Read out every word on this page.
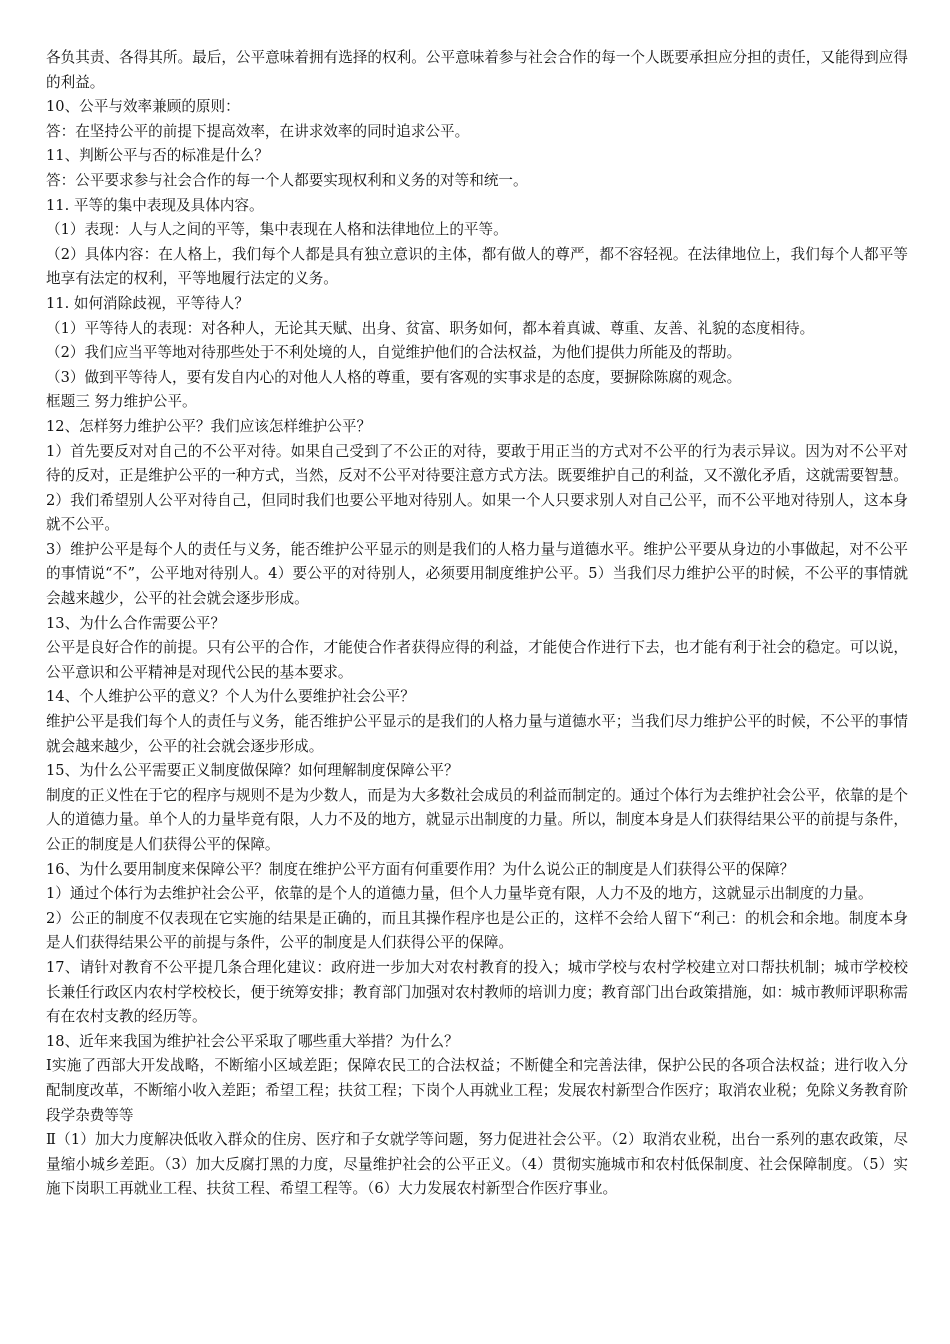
各负其责、各得其所。最后，公平意味着拥有选择的权利。公平意味着参与社会合作的每一个人既要承担应分担的责任，又能得到应得的利益。

10、公平与效率兼顾的原则：

答：在坚持公平的前提下提高效率，在讲求效率的同时追求公平。

11、判断公平与否的标准是什么？

答：公平要求参与社会合作的每一个人都要实现权利和义务的对等和统一。

11. 平等的集中表现及具体内容。

（1）表现：人与人之间的平等，集中表现在人格和法律地位上的平等。

（2）具体内容：在人格上，我们每个人都是具有独立意识的主体，都有做人的尊严，都不容轻视。在法律地位上，我们每个人都平等地享有法定的权利，平等地履行法定的义务。

11. 如何消除歧视，平等待人？

（1）平等待人的表现：对各种人，无论其天赋、出身、贫富、职务如何，都本着真诚、尊重、友善、礼貌的态度相待。

（2）我们应当平等地对待那些处于不利处境的人，自觉维护他们的合法权益，为他们提供力所能及的帮助。

（3）做到平等待人，要有发自内心的对他人人格的尊重，要有客观的实事求是的态度，要摒除陈腐的观念。

框题三 努力维护公平。

12、怎样努力维护公平？我们应该怎样维护公平？

1）首先要反对对自己的不公平对待。如果自己受到了不公正的对待，要敢于用正当的方式对不公平的行为表示异议。因为对不公平对待的反对，正是维护公平的一种方式，当然，反对不公平对待要注意方式方法。既要维护自己的利益，又不激化矛盾，这就需要智慧。2）我们希望别人公平对待自己，但同时我们也要公平地对待别人。如果一个人只要求别人对自己公平，而不公平地对待别人，这本身就不公平。

3）维护公平是每个人的责任与义务，能否维护公平显示的则是我们的人格力量与道德水平。维护公平要从身边的小事做起，对不公平的事情说“不”，公平地对待别人。4）要公平的对待别人，必须要用制度维护公平。5）当我们尽力维护公平的时候，不公平的事情就会越来越少，公平的社会就会逐步形成。

13、为什么合作需要公平？

公平是良好合作的前提。只有公平的合作，才能使合作者获得应得的利益，才能使合作进行下去，也才能有利于社会的稳定。可以说，公平意识和公平精神是对现代公民的基本要求。

14、个人维护公平的意义？个人为什么要维护社会公平？

维护公平是我们每个人的责任与义务，能否维护公平显示的是我们的人格力量与道德水平；当我们尽力维护公平的时候，不公平的事情就会越来越少，公平的社会就会逐步形成。

15、为什么公平需要正义制度做保障？如何理解制度保障公平？

制度的正义性在于它的程序与规则不是为少数人，而是为大多数社会成员的利益而制定的。通过个体行为去维护社会公平，依靠的是个人的道德力量。单个人的力量毕竟有限，人力不及的地方，就显示出制度的力量。所以，制度本身是人们获得结果公平的前提与条件，公正的制度是人们获得公平的保障。

16、为什么要用制度来保障公平？制度在维护公平方面有何重要作用？为什么说公正的制度是人们获得公平的保障？

1）通过个体行为去维护社会公平，依靠的是个人的道德力量，但个人力量毕竟有限，人力不及的地方，这就显示出制度的力量。

2）公正的制度不仅表现在它实施的结果是正确的，而且其操作程序也是公正的，这样不会给人留下“利己：的机会和余地。制度本身是人们获得结果公平的前提与条件，公平的制度是人们获得公平的保障。

17、请针对教育不公平提几条合理化建议：政府进一步加大对农村教育的投入；城市学校与农村学校建立对口帮扶机制；城市学校校长兼任行政区内农村学校校长，便于统筹安排；教育部门加强对农村教师的培训力度；教育部门出台政策措施，如：城市教师评职称需有在农村支教的经历等。

18、近年来我国为维护社会公平采取了哪些重大举措？为什么？

Ⅰ实施了西部大开发战略，不断缩小区域差距；保障农民工的合法权益；不断健全和完善法律，保护公民的各项合法权益；进行收入分配制度改革，不断缩小收入差距；希望工程；扶贫工程；下岗个人再就业工程；发展农村新型合作医疗；取消农业税；免除义务教育阶段学杂费等等

Ⅱ（1）加大力度解决低收入群众的住房、医疗和子女就学等问题，努力促进社会公平。（2）取消农业税，出台一系列的惠农政策，尽量缩小城乡差距。（3）加大反腐打黑的力度，尽量维护社会的公平正义。（4）贯彻实施城市和农村低保制度、社会保障制度。（5）实施下岗职工再就业工程、扶贫工程、希望工程等。（6）大力发展农村新型合作医疗事业。
